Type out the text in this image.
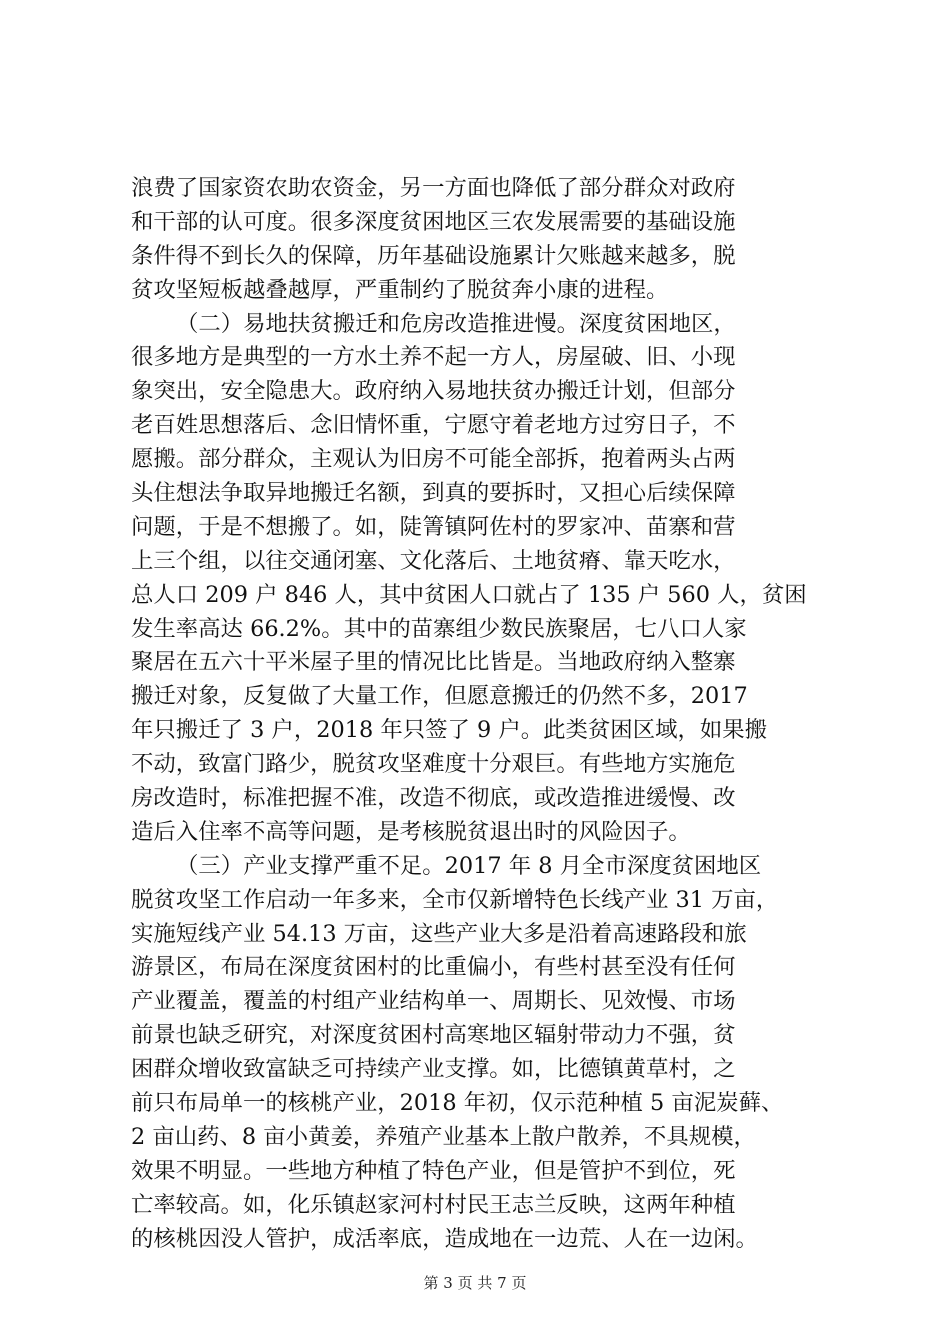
浪费了国家资农助农资金，另一方面也降低了部分群众对政府
和干部的认可度。很多深度贫困地区三农发展需要的基础设施
条件得不到长久的保障，历年基础设施累计欠账越来越多，脱
贫攻坚短板越叠越厚，严重制约了脱贫奔小康的进程。
（二）易地扶贫搬迁和危房改造推进慢。深度贫困地区，
很多地方是典型的一方水土养不起一方人，房屋破、旧、小现
象突出，安全隐患大。政府纳入易地扶贫办搬迁计划，但部分
老百姓思想落后、念旧情怀重，宁愿守着老地方过穷日子，不
愿搬。部分群众，主观认为旧房不可能全部拆，抱着两头占两
头住想法争取异地搬迁名额，到真的要拆时，又担心后续保障
问题，于是不想搬了。如，陡箐镇阿佐村的罗家冲、苗寨和营
上三个组，以往交通闭塞、文化落后、土地贫瘠、靠天吃水，
总人口 209 户 846 人，其中贫困人口就占了 135 户 560 人，贫困
发生率高达 66.2%。其中的苗寨组少数民族聚居，七八口人家
聚居在五六十平米屋子里的情况比比皆是。当地政府纳入整寨
搬迁对象，反复做了大量工作，但愿意搬迁的仍然不多，2017
年只搬迁了 3 户，2018 年只签了 9 户。此类贫困区域，如果搬
不动，致富门路少，脱贫攻坚难度十分艰巨。有些地方实施危
房改造时，标准把握不准，改造不彻底，或改造推进缓慢、改
造后入住率不高等问题，是考核脱贫退出时的风险因子。
（三）产业支撑严重不足。2017 年 8 月全市深度贫困地区
脱贫攻坚工作启动一年多来，全市仅新增特色长线产业 31 万亩，
实施短线产业 54.13 万亩，这些产业大多是沿着高速路段和旅
游景区，布局在深度贫困村的比重偏小，有些村甚至没有任何
产业覆盖，覆盖的村组产业结构单一、周期长、见效慢、市场
前景也缺乏研究，对深度贫困村高寒地区辐射带动力不强，贫
困群众增收致富缺乏可持续产业支撑。如，比德镇黄草村，之
前只布局单一的核桃产业，2018 年初，仅示范种植 5 亩泥炭藓、
2 亩山药、8 亩小黄姜，养殖产业基本上散户散养，不具规模，
效果不明显。一些地方种植了特色产业，但是管护不到位，死
亡率较高。如，化乐镇赵家河村村民王志兰反映，这两年种植
的核桃因没人管护，成活率底，造成地在一边荒、人在一边闲。
第 3 页 共 7 页
